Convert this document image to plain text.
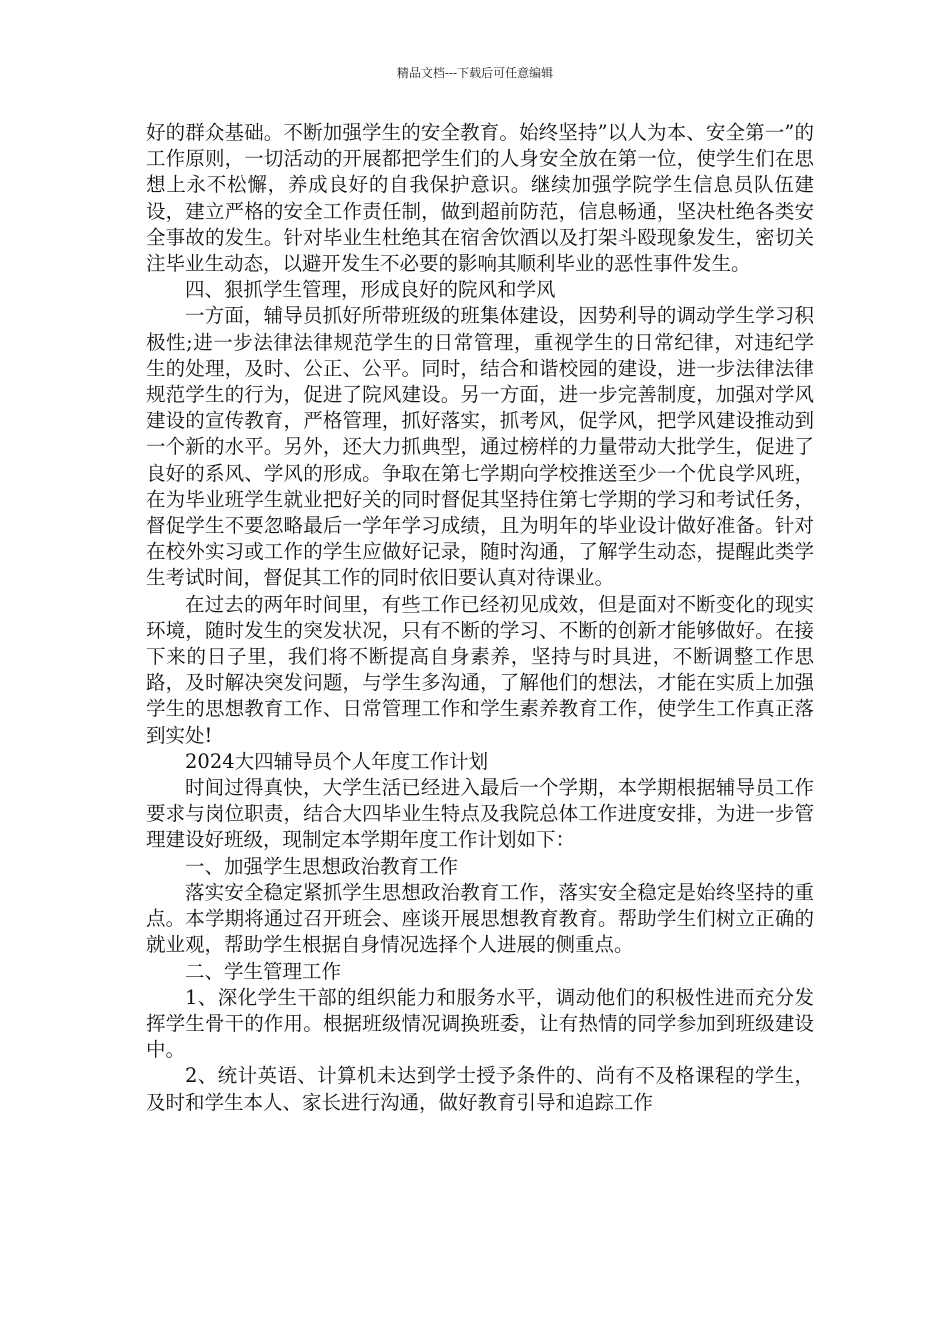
精品文档---下载后可任意编辑

好的群众基础。不断加强学生的安全教育。始终坚持”以人为本、安全第一”的工作原则，一切活动的开展都把学生们的人身安全放在第一位，使学生们在思想上永不松懈，养成良好的自我保护意识。继续加强学院学生信息员队伍建设，建立严格的安全工作责任制，做到超前防范，信息畅通，坚决杜绝各类安全事故的发生。针对毕业生杜绝其在宿舍饮酒以及打架斗殴现象发生，密切关注毕业生动态，以避开发生不必要的影响其顺利毕业的恶性事件发生。

四、狠抓学生管理，形成良好的院风和学风

一方面，辅导员抓好所带班级的班集体建设，因势利导的调动学生学习积极性;进一步法律法律规范学生的日常管理，重视学生的日常纪律，对违纪学生的处理，及时、公正、公平。同时，结合和谐校园的建设，进一步法律法律规范学生的行为，促进了院风建设。另一方面，进一步完善制度，加强对学风建设的宣传教育，严格管理，抓好落实，抓考风，促学风，把学风建设推动到一个新的水平。另外，还大力抓典型，通过榜样的力量带动大批学生，促进了良好的系风、学风的形成。争取在第七学期向学校推送至少一个优良学风班，在为毕业班学生就业把好关的同时督促其坚持住第七学期的学习和考试任务，督促学生不要忽略最后一学年学习成绩，且为明年的毕业设计做好准备。针对在校外实习或工作的学生应做好记录，随时沟通，了解学生动态，提醒此类学生考试时间，督促其工作的同时依旧要认真对待课业。

在过去的两年时间里，有些工作已经初见成效，但是面对不断变化的现实环境，随时发生的突发状况，只有不断的学习、不断的创新才能够做好。在接下来的日子里，我们将不断提高自身素养，坚持与时具进，不断调整工作思路，及时解决突发问题，与学生多沟通，了解他们的想法，才能在实质上加强学生的思想教育工作、日常管理工作和学生素养教育工作，使学生工作真正落到实处!

2024大四辅导员个人年度工作计划

时间过得真快，大学生活已经进入最后一个学期，本学期根据辅导员工作要求与岗位职责，结合大四毕业生特点及我院总体工作进度安排，为进一步管理建设好班级，现制定本学期年度工作计划如下：

一、加强学生思想政治教育工作

落实安全稳定紧抓学生思想政治教育工作，落实安全稳定是始终坚持的重点。本学期将通过召开班会、座谈开展思想教育教育。帮助学生们树立正确的就业观，帮助学生根据自身情况选择个人进展的侧重点。

二、学生管理工作

1、深化学生干部的组织能力和服务水平，调动他们的积极性进而充分发挥学生骨干的作用。根据班级情况调换班委，让有热情的同学参加到班级建设中。

2、统计英语、计算机未达到学士授予条件的、尚有不及格课程的学生，及时和学生本人、家长进行沟通，做好教育引导和追踪工作
